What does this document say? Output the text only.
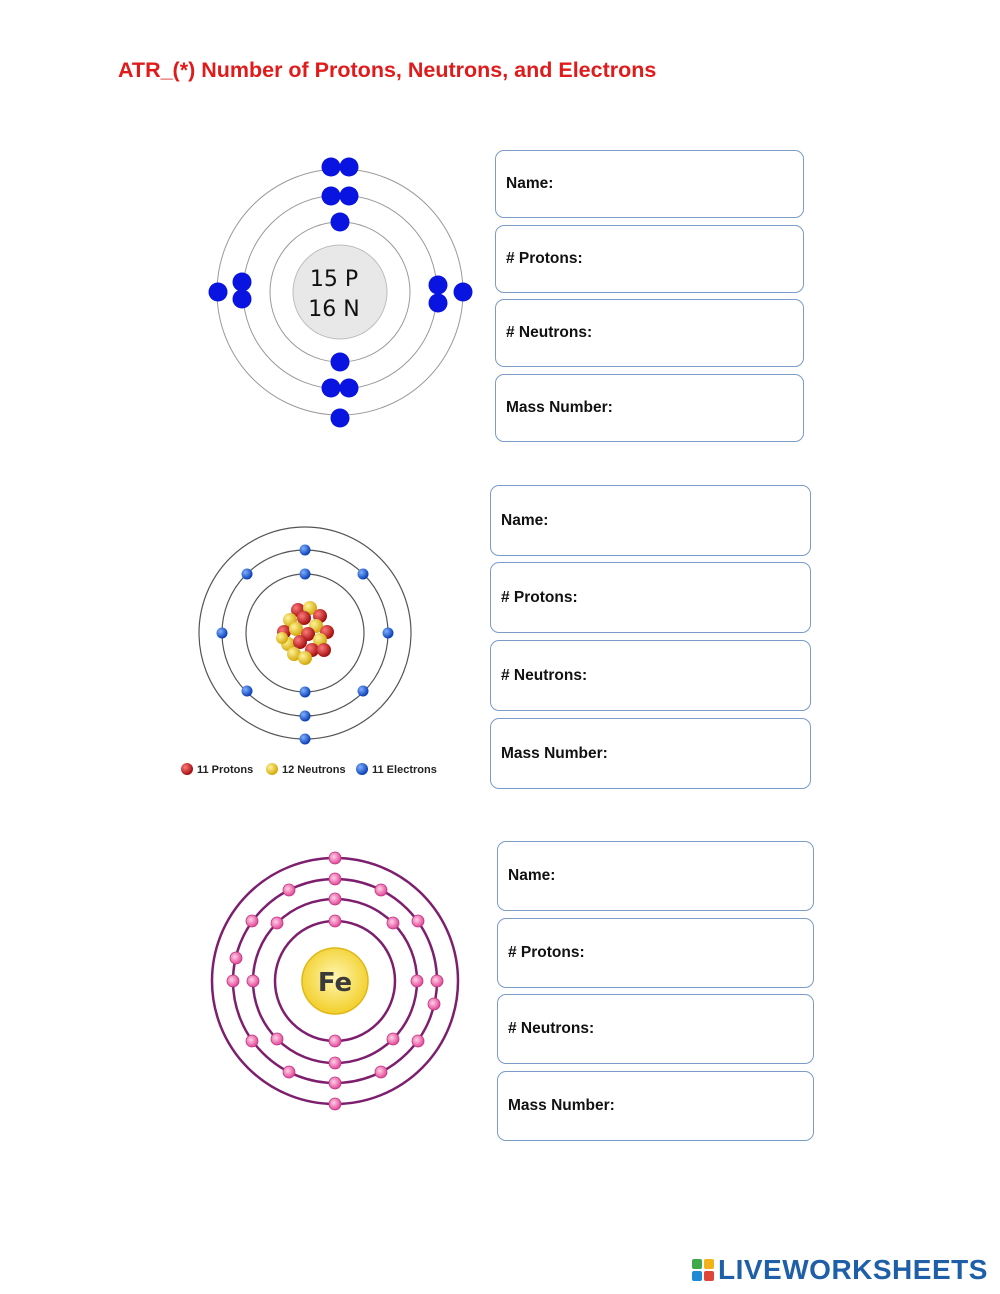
ATR_(*) Number of Protons, Neutrons, and Electrons
15 P
16 N
Name:
# Protons:
# Neutrons:
Mass Number:
11 Protons	12 Neutrons 11 Electrons
Name:
# Protons:
# Neutrons:
Mass Number:
Fe
Name:
# Protons:
# Neutrons:
Mass Number:
LIVEWORKSHEETS
